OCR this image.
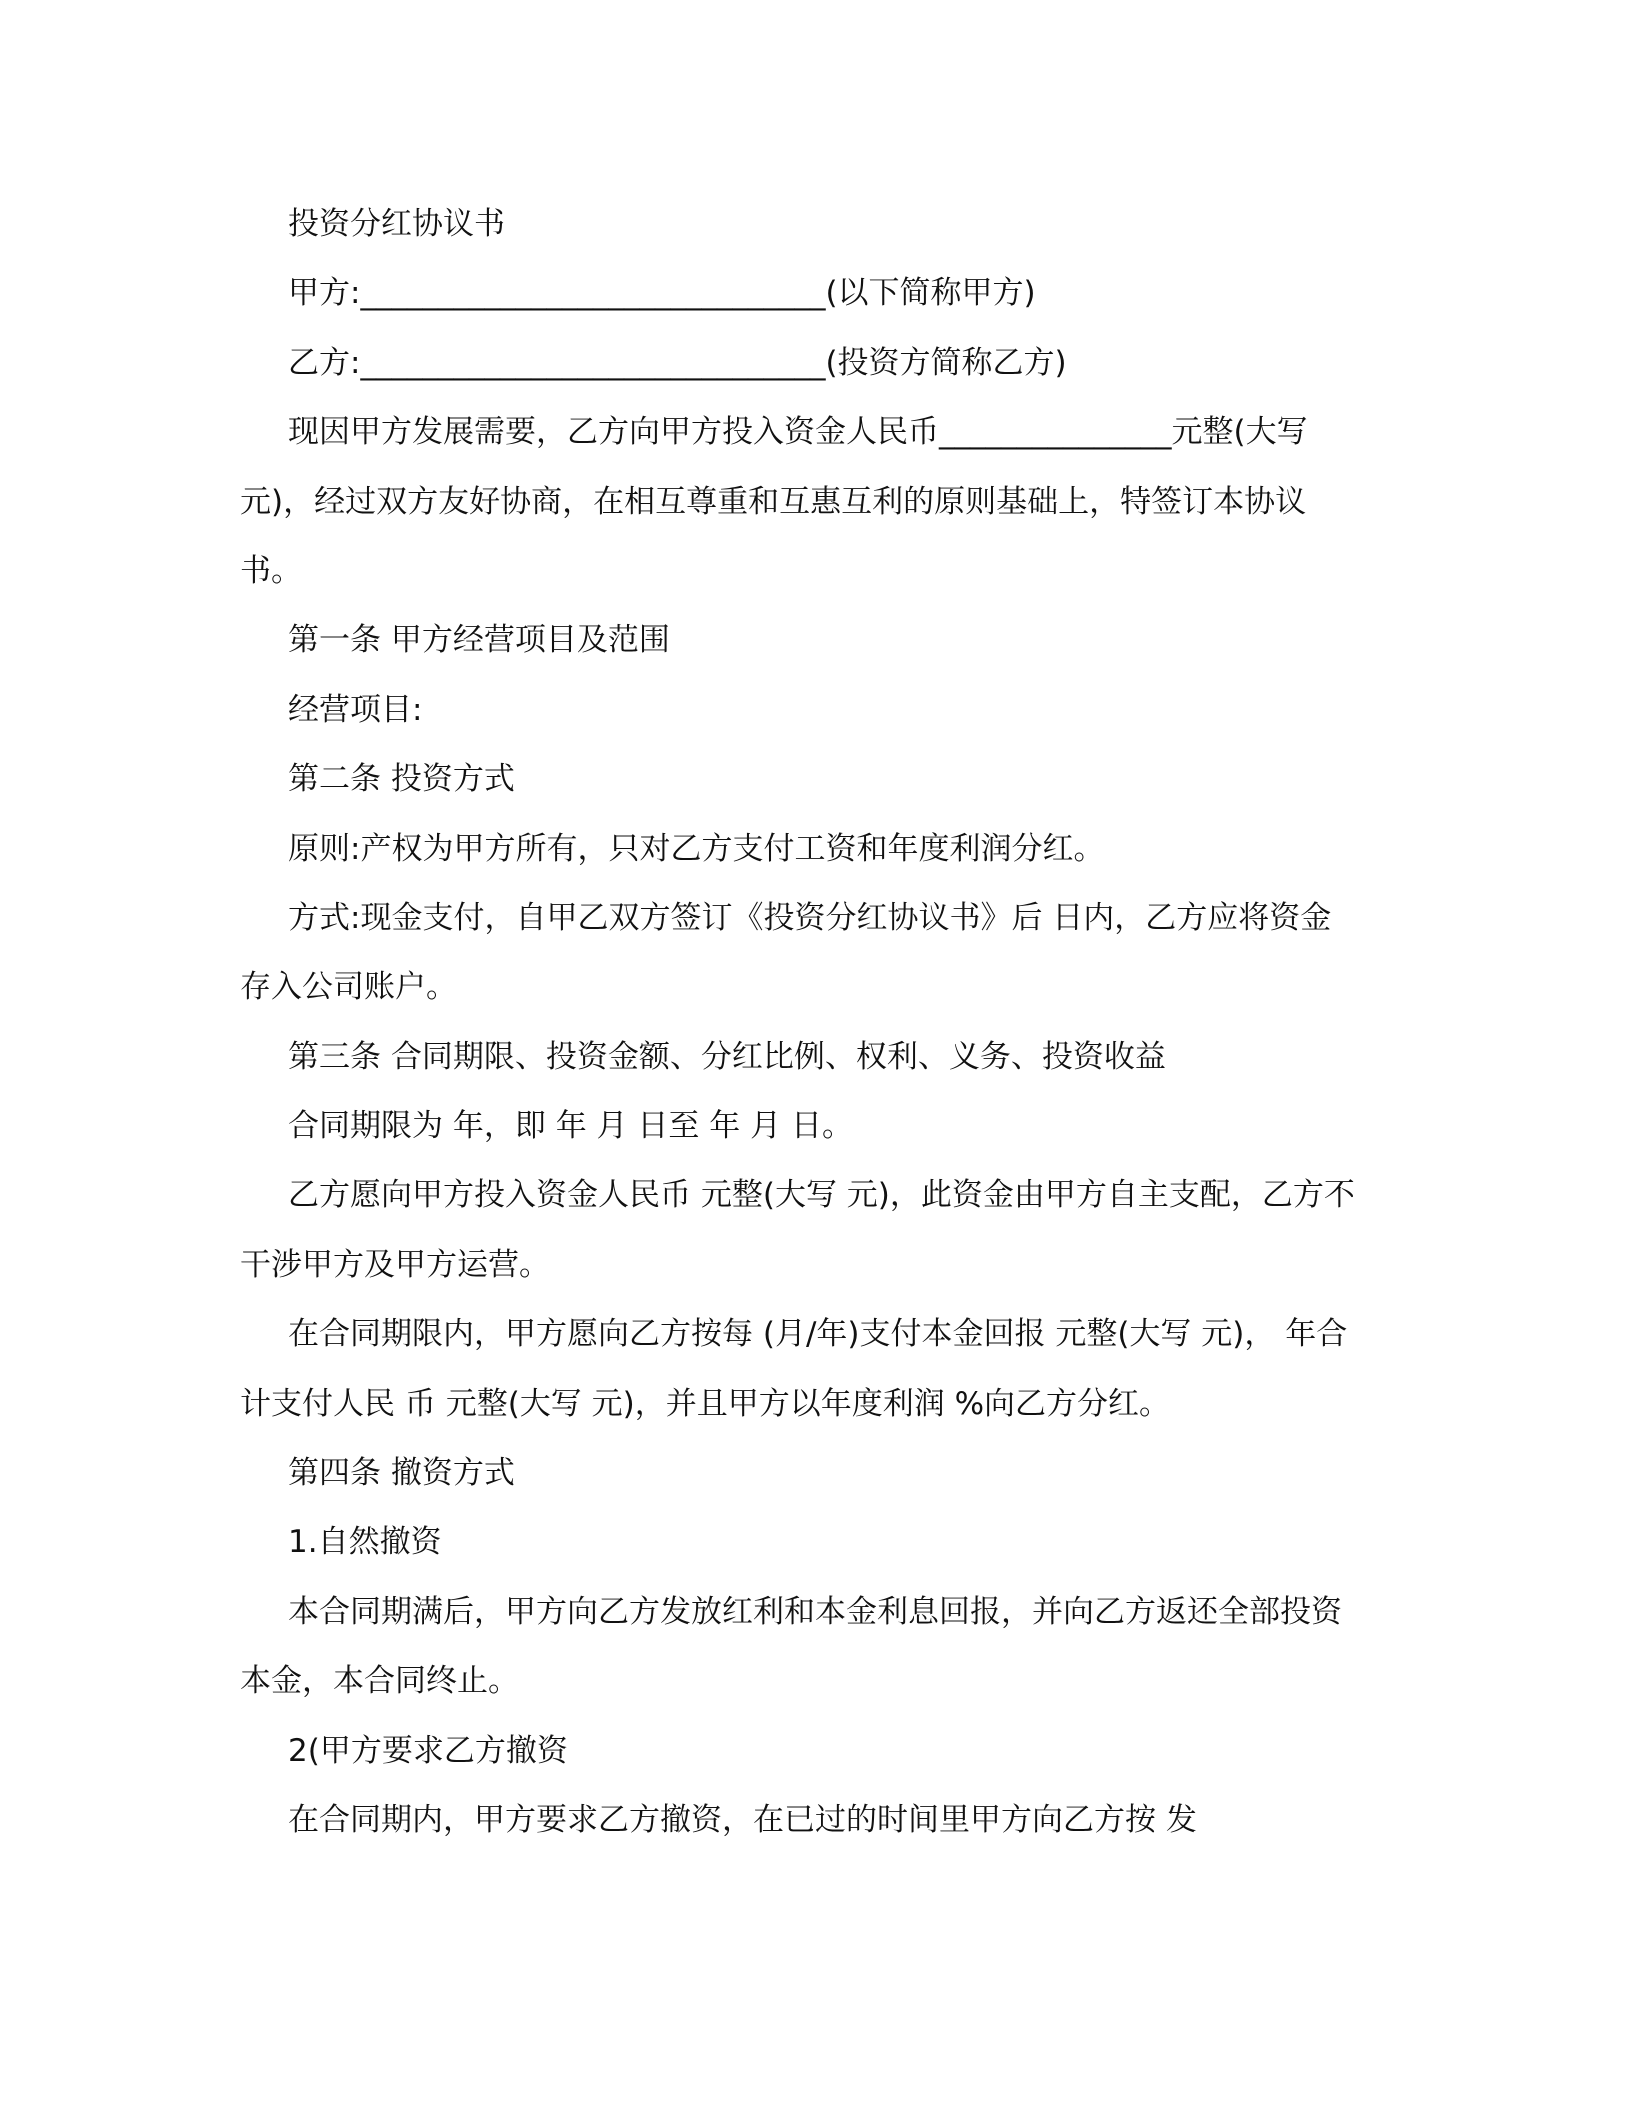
投资分红协议书
甲方:______________________________(以下简称甲方)
乙方:______________________________(投资方简称乙方)
现因甲方发展需要，乙方向甲方投入资金人民币_______________元整(大写
元)，经过双方友好协商，在相互尊重和互惠互利的原则基础上，特签订本协议
书。
第一条 甲方经营项目及范围
经营项目:
第二条 投资方式
原则:产权为甲方所有，只对乙方支付工资和年度利润分红。
方式:现金支付，自甲乙双方签订《投资分红协议书》后 日内，乙方应将资金
存入公司账户。
第三条 合同期限、投资金额、分红比例、权利、义务、投资收益
合同期限为 年，即 年 月 日至 年 月 日。
乙方愿向甲方投入资金人民币 元整(大写 元)，此资金由甲方自主支配，乙方不
干涉甲方及甲方运营。
在合同期限内，甲方愿向乙方按每 (月/年)支付本金回报 元整(大写 元)， 年合
计支付人民 币 元整(大写 元)，并且甲方以年度利润 %向乙方分红。
第四条 撤资方式
1.自然撤资
本合同期满后，甲方向乙方发放红利和本金利息回报，并向乙方返还全部投资
本金，本合同终止。
2(甲方要求乙方撤资
在合同期内，甲方要求乙方撤资，在已过的时间里甲方向乙方按 发
